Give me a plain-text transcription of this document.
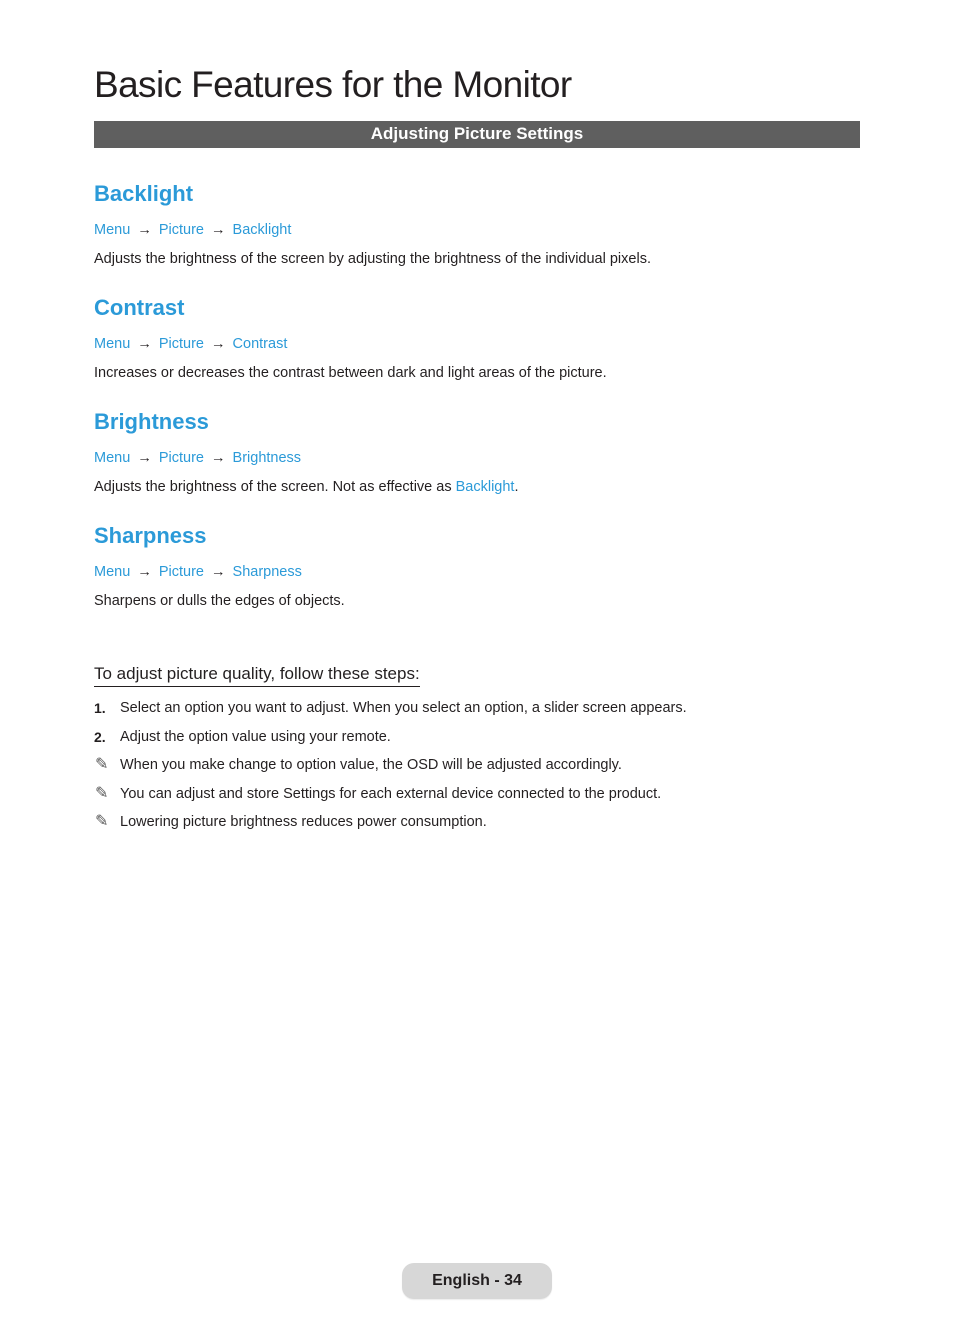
Basic Features for the Monitor
Adjusting Picture Settings
Backlight
Menu → Picture → Backlight
Adjusts the brightness of the screen by adjusting the brightness of the individual pixels.
Contrast
Menu → Picture → Contrast
Increases or decreases the contrast between dark and light areas of the picture.
Brightness
Menu → Picture → Brightness
Adjusts the brightness of the screen. Not as effective as Backlight.
Sharpness
Menu → Picture → Sharpness
Sharpens or dulls the edges of objects.
To adjust picture quality, follow these steps:
1. Select an option you want to adjust. When you select an option, a slider screen appears.
2. Adjust the option value using your remote.
✎ When you make change to option value, the OSD will be adjusted accordingly.
✎ You can adjust and store Settings for each external device connected to the product.
✎ Lowering picture brightness reduces power consumption.
English - 34
